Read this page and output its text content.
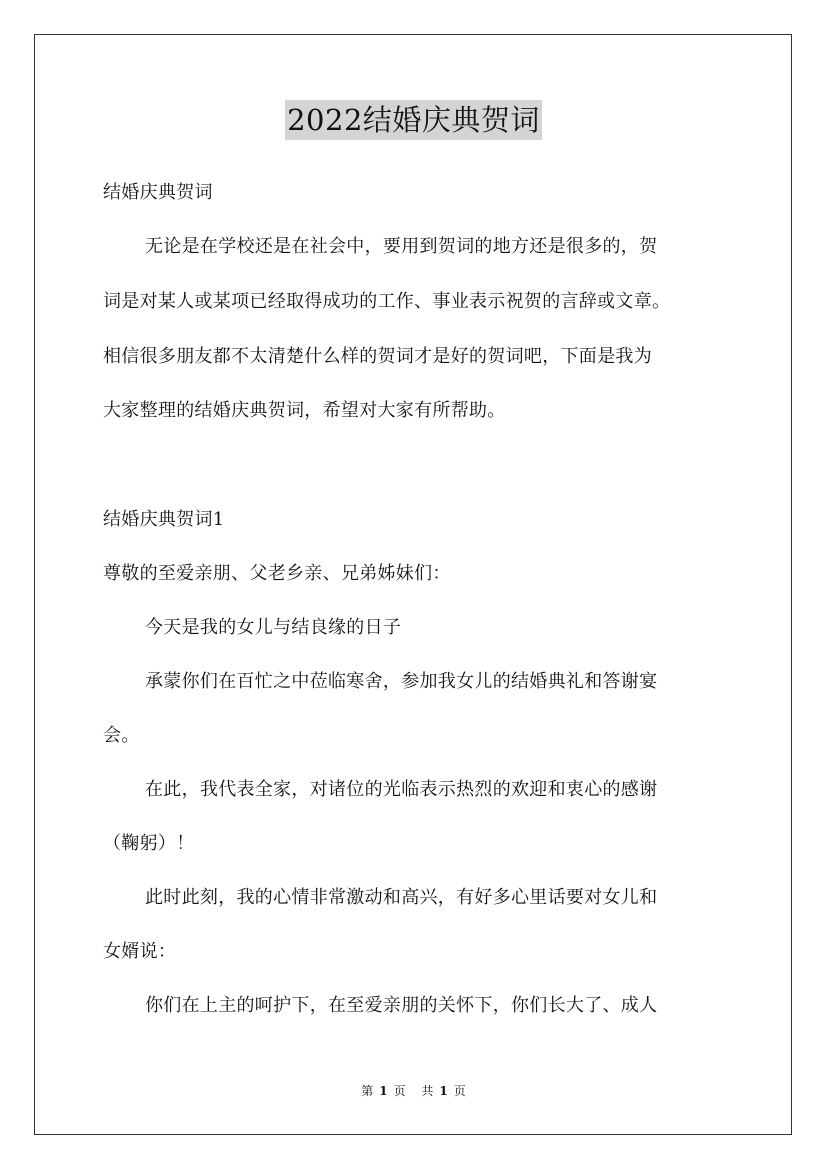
2022结婚庆典贺词
结婚庆典贺词
无论是在学校还是在社会中，要用到贺词的地方还是很多的，贺
词是对某人或某项已经取得成功的工作、事业表示祝贺的言辞或文章。
相信很多朋友都不太清楚什么样的贺词才是好的贺词吧，下面是我为
大家整理的结婚庆典贺词，希望对大家有所帮助。
结婚庆典贺词1
尊敬的至爱亲朋、父老乡亲、兄弟姊妹们：
今天是我的女儿与结良缘的日子
承蒙你们在百忙之中莅临寒舍，参加我女儿的结婚典礼和答谢宴
会。
在此，我代表全家，对诸位的光临表示热烈的欢迎和衷心的感谢
（鞠躬）！
此时此刻，我的心情非常激动和高兴，有好多心里话要对女儿和
女婿说：
你们在上主的呵护下，在至爱亲朋的关怀下，你们长大了、成人
第 1 页 共 1 页
